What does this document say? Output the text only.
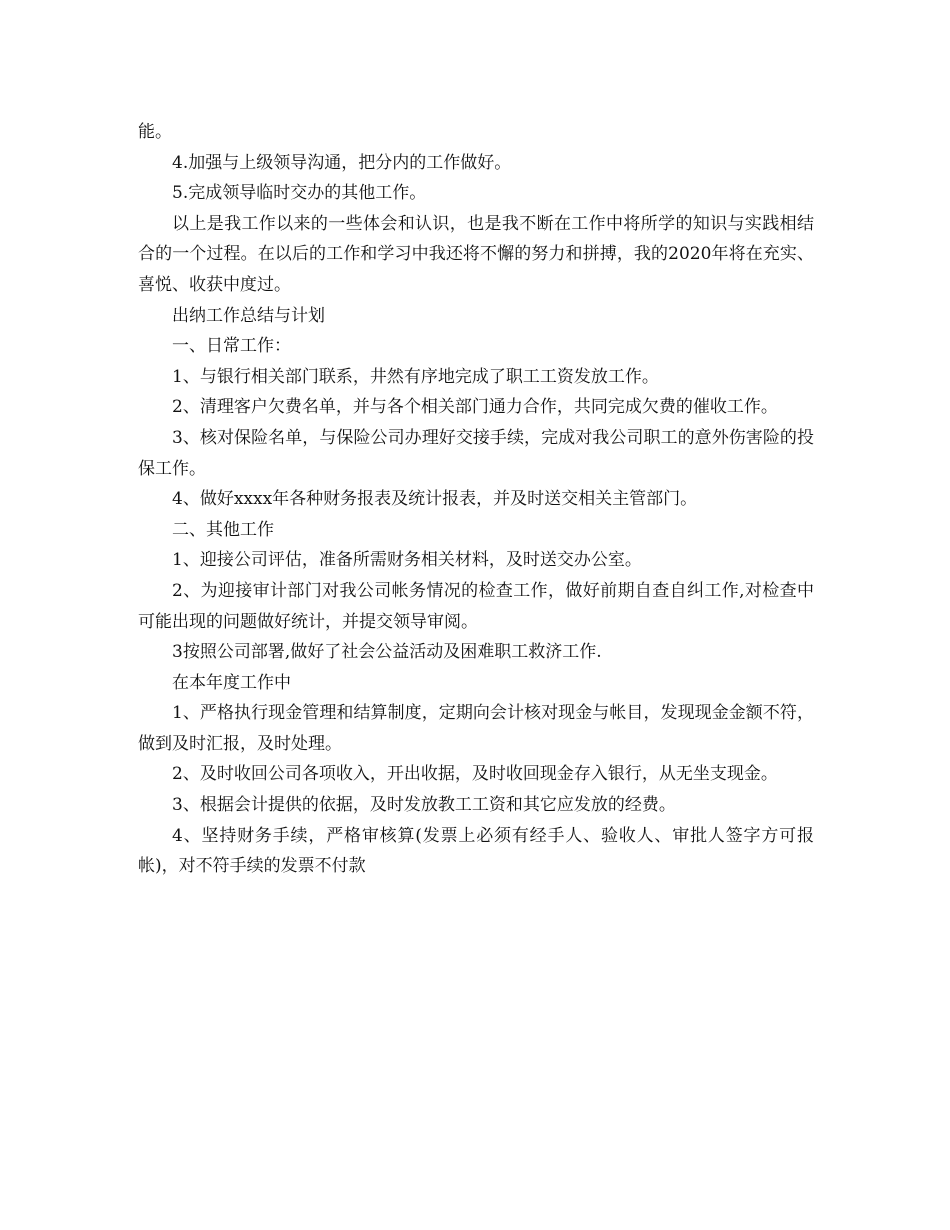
能。

4.加强与上级领导沟通，把分内的工作做好。

5.完成领导临时交办的其他工作。

以上是我工作以来的一些体会和认识，也是我不断在工作中将所学的知识与实践相结合的一个过程。在以后的工作和学习中我还将不懈的努力和拼搏，我的2020年将在充实、喜悦、收获中度过。

出纳工作总结与计划

一、日常工作：

1、与银行相关部门联系，井然有序地完成了职工工资发放工作。

2、清理客户欠费名单，并与各个相关部门通力合作，共同完成欠费的催收工作。

3、核对保险名单，与保险公司办理好交接手续，完成对我公司职工的意外伤害险的投保工作。

4、做好xxxx年各种财务报表及统计报表，并及时送交相关主管部门。

二、其他工作

1、迎接公司评估，准备所需财务相关材料，及时送交办公室。

2、为迎接审计部门对我公司帐务情况的检查工作，做好前期自查自纠工作,对检查中可能出现的问题做好统计，并提交领导审阅。

3按照公司部署,做好了社会公益活动及困难职工救济工作.

在本年度工作中

1、严格执行现金管理和结算制度，定期向会计核对现金与帐目，发现现金金额不符，做到及时汇报，及时处理。

2、及时收回公司各项收入，开出收据，及时收回现金存入银行，从无坐支现金。

3、根据会计提供的依据，及时发放教工工资和其它应发放的经费。

4、坚持财务手续，严格审核算(发票上必须有经手人、验收人、审批人签字方可报帐)，对不符手续的发票不付款
